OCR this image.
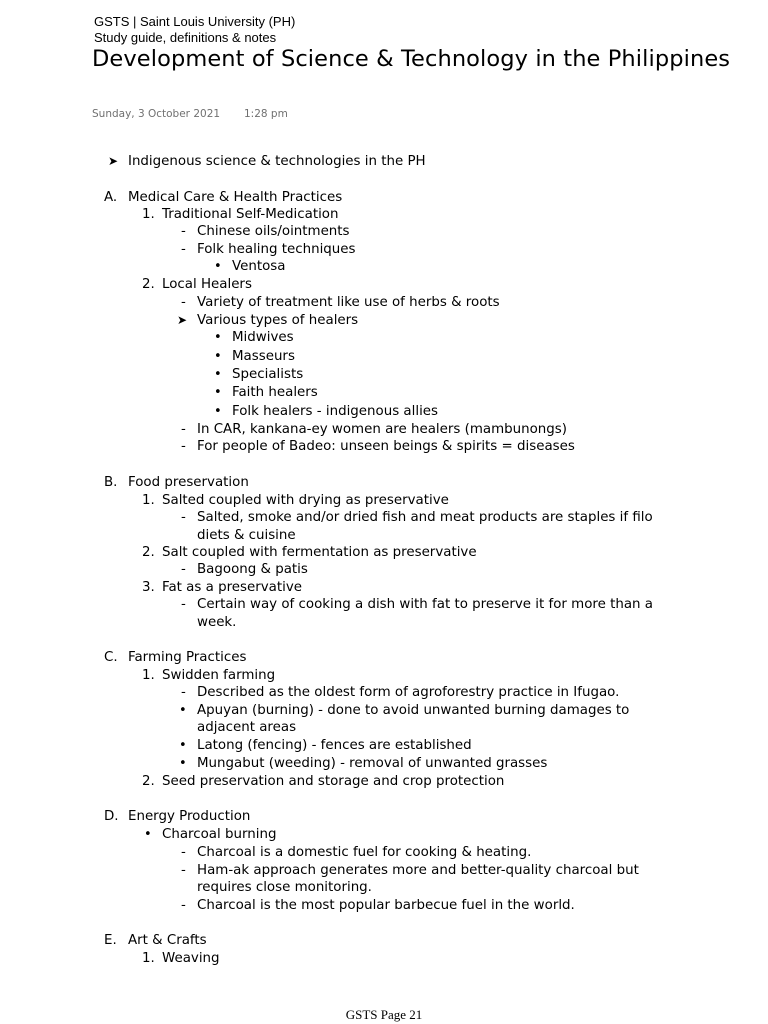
GSTS | Saint Louis University (PH)
Study guide, definitions & notes
Development of Science & Technology in the Philippines
Sunday, 3 October 2021 1:28 pm
➤ Indigenous science & technologies in the PH
A. Medical Care & Health Practices
1. Traditional Self-Medication
- Chinese oils/ointments
- Folk healing techniques
• Ventosa
2. Local Healers
- Variety of treatment like use of herbs & roots
➤ Various types of healers
• Midwives
• Masseurs
• Specialists
• Faith healers
• Folk healers - indigenous allies
- In CAR, kankana-ey women are healers (mambunongs)
- For people of Badeo: unseen beings & spirits = diseases
B. Food preservation
1. Salted coupled with drying as preservative
- Salted, smoke and/or dried fish and meat products are staples if filo
diets & cuisine
2. Salt coupled with fermentation as preservative
- Bagoong & patis
3. Fat as a preservative
- Certain way of cooking a dish with fat to preserve it for more than a
week.
C. Farming Practices
1. Swidden farming
- Described as the oldest form of agroforestry practice in Ifugao.
• Apuyan (burning) - done to avoid unwanted burning damages to
adjacent areas
• Latong (fencing) - fences are established
• Mungabut (weeding) - removal of unwanted grasses
2. Seed preservation and storage and crop protection
D. Energy Production
• Charcoal burning
- Charcoal is a domestic fuel for cooking & heating.
- Ham-ak approach generates more and better-quality charcoal but
requires close monitoring.
- Charcoal is the most popular barbecue fuel in the world.
E. Art & Crafts
1. Weaving
GSTS Page 21
